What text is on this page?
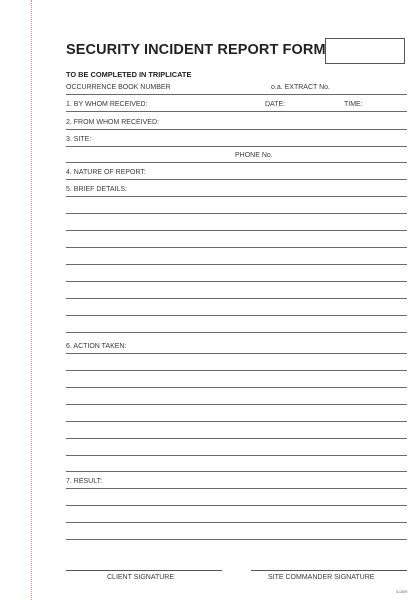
SECURITY INCIDENT REPORT FORM
TO BE COMPLETED IN TRIPLICATE
OCCURRENCE BOOK NUMBER	o.a. EXTRACT No.
1. BY WHOM RECEIVED:	DATE:	TIME:
2. FROM WHOM RECEIVED:
3. SITE:
PHONE No.
4. NATURE OF REPORT:
5. BRIEF DETAILS:
6. ACTION TAKEN:
7. RESULT:
CLIENT SIGNATURE	SITE COMMANDER SIGNATURE
S-0209
